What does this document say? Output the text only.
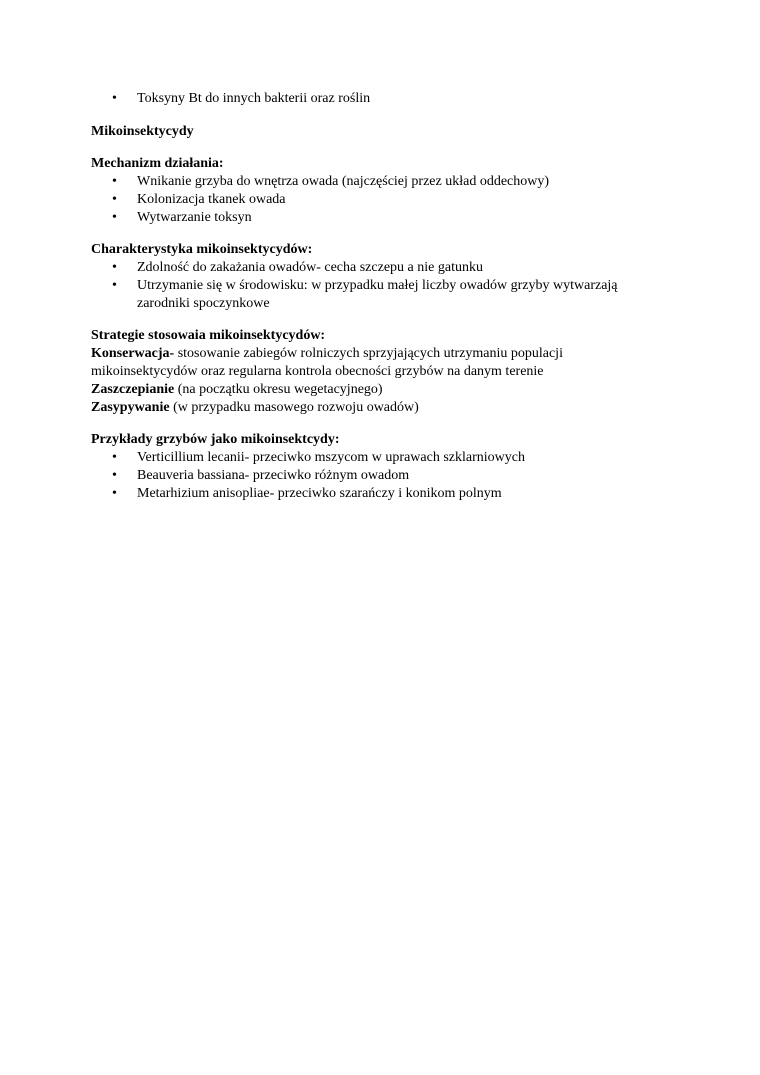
• Toksyny Bt do innych bakterii oraz roślin

Mikoinsektycydy

Mechanizm działania:

• Wnikanie grzyba do wnętrza owada (najczęściej przez układ oddechowy)
• Kolonizacja tkanek owada
• Wytwarzanie toksyn

Charakterystyka mikoinsektycydów:

• Zdolność do zakażania owadów- cecha szczepu a nie gatunku
• Utrzymanie się w środowisku: w przypadku małej liczby owadów grzyby wytwarzają zarodniki spoczynkowe

Strategie stosowaia mikoinsektycydów:

Konserwacja- stosowanie zabiegów rolniczych sprzyjających utrzymaniu populacji mikoinsektycydów oraz regularna kontrola obecności grzybów na danym terenie

Zaszczepianie (na początku okresu wegetacyjnego)

Zasypywanie (w przypadku masowego rozwoju owadów)

Przykłady grzybów jako mikoinsektcydy:

• Verticillium lecanii- przeciwko mszycom w uprawach szklarniowych
• Beauveria bassiana- przeciwko różnym owadom
• Metarhizium anisopliae- przeciwko szarańczy i konikom polnym
